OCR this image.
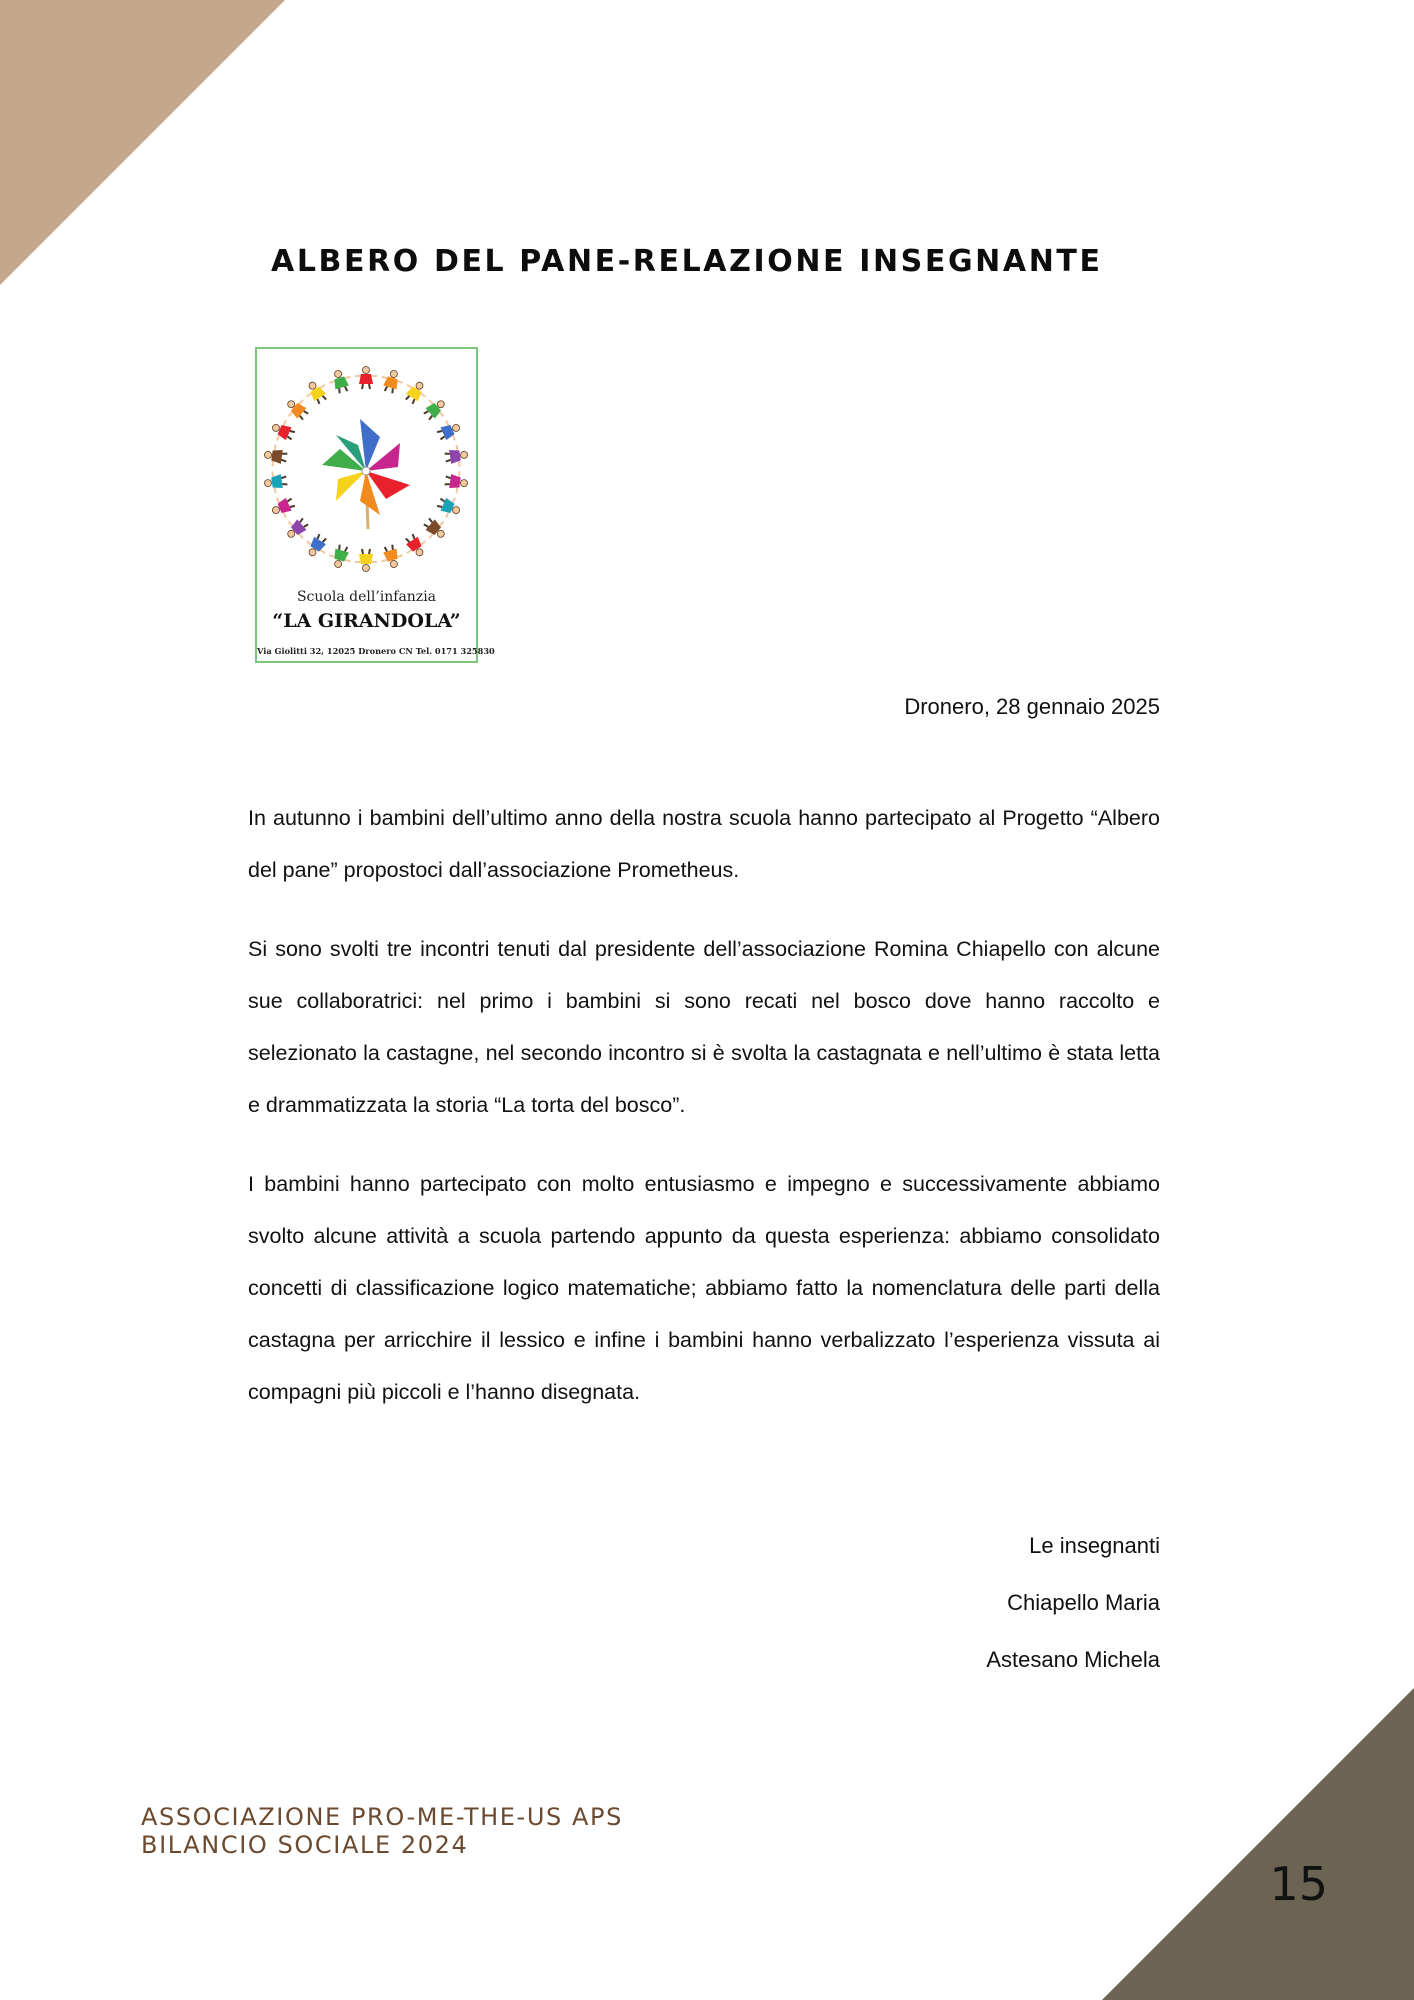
ALBERO DEL PANE-RELAZIONE INSEGNANTE
Scuola dell’infanzia
“LA GIRANDOLA”
Via Giolitti 32, 12025 Dronero CN Tel. 0171 325830
Dronero, 28 gennaio 2025

In autunno i bambini dell’ultimo anno della nostra scuola hanno partecipato al Progetto “Albero del pane” propostoci dall’associazione Prometheus.

Si sono svolti tre incontri tenuti dal presidente dell’associazione Romina Chiapello con alcune sue collaboratrici: nel primo i bambini si sono recati nel bosco dove hanno raccolto e selezionato la castagne, nel secondo incontro si è svolta la castagnata e nell’ultimo è stata letta e drammatizzata la storia “La torta del bosco”.

I bambini hanno partecipato con molto entusiasmo e impegno e successivamente abbiamo svolto alcune attività a scuola partendo appunto da questa esperienza: abbiamo consolidato concetti di classificazione logico matematiche; abbiamo fatto la nomenclatura delle parti della castagna per arricchire il lessico e infine i bambini hanno verbalizzato l’esperienza vissuta ai compagni più piccoli e l’hanno disegnata.

Le insegnanti
Chiapello Maria
Astesano Michela
ASSOCIAZIONE PRO-ME-THE-US APS
BILANCIO SOCIALE 2024
15
